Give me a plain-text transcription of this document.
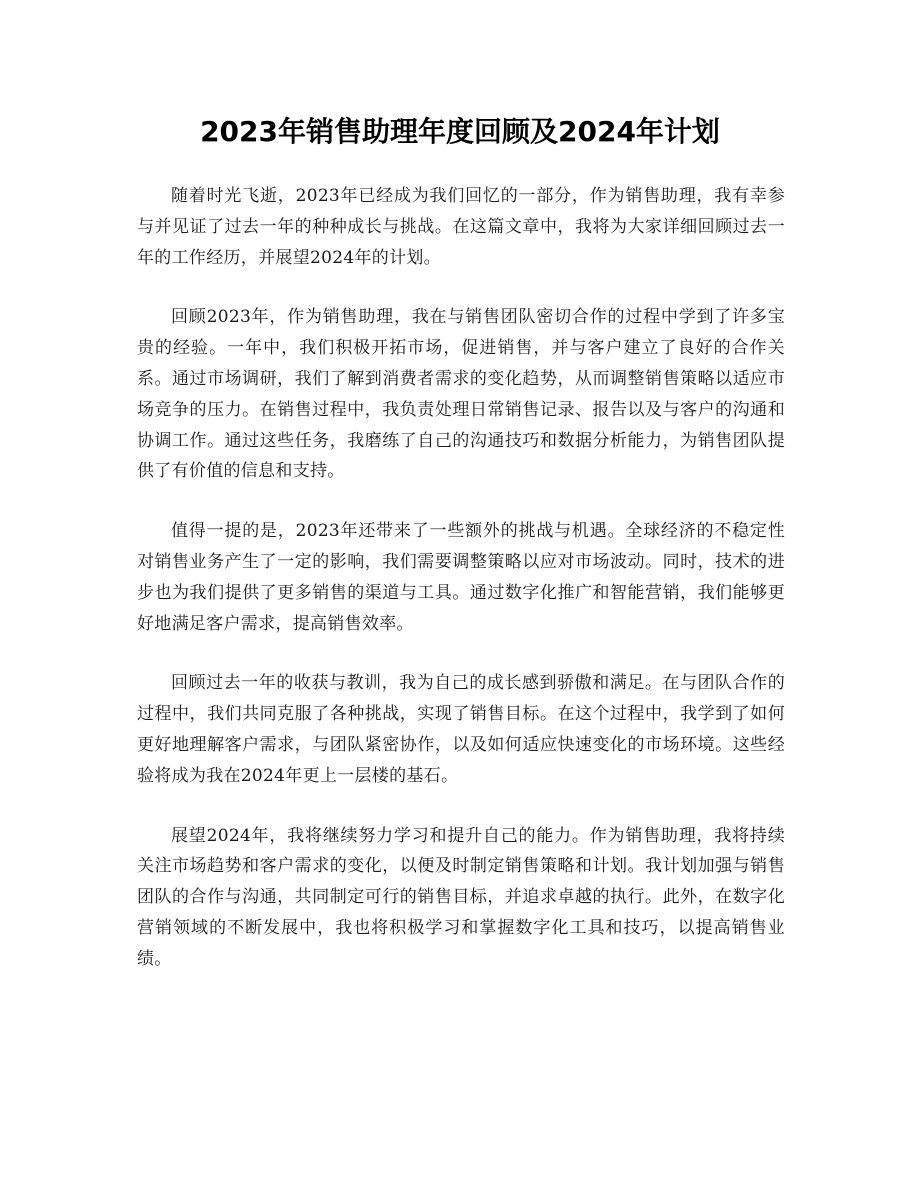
2023年销售助理年度回顾及2024年计划

随着时光飞逝，2023年已经成为我们回忆的一部分，作为销售助理，我有幸参与并见证了过去一年的种种成长与挑战。在这篇文章中，我将为大家详细回顾过去一年的工作经历，并展望2024年的计划。

回顾2023年，作为销售助理，我在与销售团队密切合作的过程中学到了许多宝贵的经验。一年中，我们积极开拓市场，促进销售，并与客户建立了良好的合作关系。通过市场调研，我们了解到消费者需求的变化趋势，从而调整销售策略以适应市场竞争的压力。在销售过程中，我负责处理日常销售记录、报告以及与客户的沟通和协调工作。通过这些任务，我磨练了自己的沟通技巧和数据分析能力，为销售团队提供了有价值的信息和支持。

值得一提的是，2023年还带来了一些额外的挑战与机遇。全球经济的不稳定性对销售业务产生了一定的影响，我们需要调整策略以应对市场波动。同时，技术的进步也为我们提供了更多销售的渠道与工具。通过数字化推广和智能营销，我们能够更好地满足客户需求，提高销售效率。

回顾过去一年的收获与教训，我为自己的成长感到骄傲和满足。在与团队合作的过程中，我们共同克服了各种挑战，实现了销售目标。在这个过程中，我学到了如何更好地理解客户需求，与团队紧密协作，以及如何适应快速变化的市场环境。这些经验将成为我在2024年更上一层楼的基石。

展望2024年，我将继续努力学习和提升自己的能力。作为销售助理，我将持续关注市场趋势和客户需求的变化，以便及时制定销售策略和计划。我计划加强与销售团队的合作与沟通，共同制定可行的销售目标，并追求卓越的执行。此外，在数字化营销领域的不断发展中，我也将积极学习和掌握数字化工具和技巧，以提高销售业绩。
